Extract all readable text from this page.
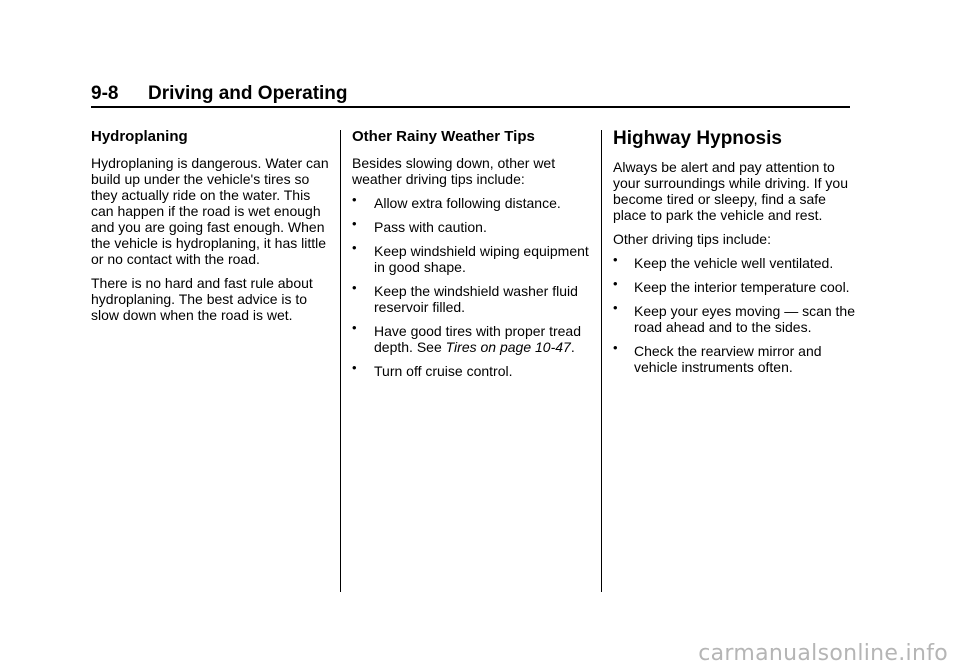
9-8 Driving and Operating
Hydroplaning

Hydroplaning is dangerous. Water can build up under the vehicle's tires so they actually ride on the water. This can happen if the road is wet enough and you are going fast enough. When the vehicle is hydroplaning, it has little or no contact with the road.

There is no hard and fast rule about hydroplaning. The best advice is to slow down when the road is wet.

Other Rainy Weather Tips

Besides slowing down, other wet weather driving tips include:

• Allow extra following distance.
• Pass with caution.
• Keep windshield wiping equipment in good shape.
• Keep the windshield washer fluid reservoir filled.
• Have good tires with proper tread depth. See Tires on page 10-47.
• Turn off cruise control.
Highway Hypnosis

Always be alert and pay attention to your surroundings while driving. If you become tired or sleepy, find a safe place to park the vehicle and rest.

Other driving tips include:

• Keep the vehicle well ventilated.
• Keep the interior temperature cool.
• Keep your eyes moving — scan the road ahead and to the sides.
• Check the rearview mirror and vehicle instruments often.
carmanualsonline.info
